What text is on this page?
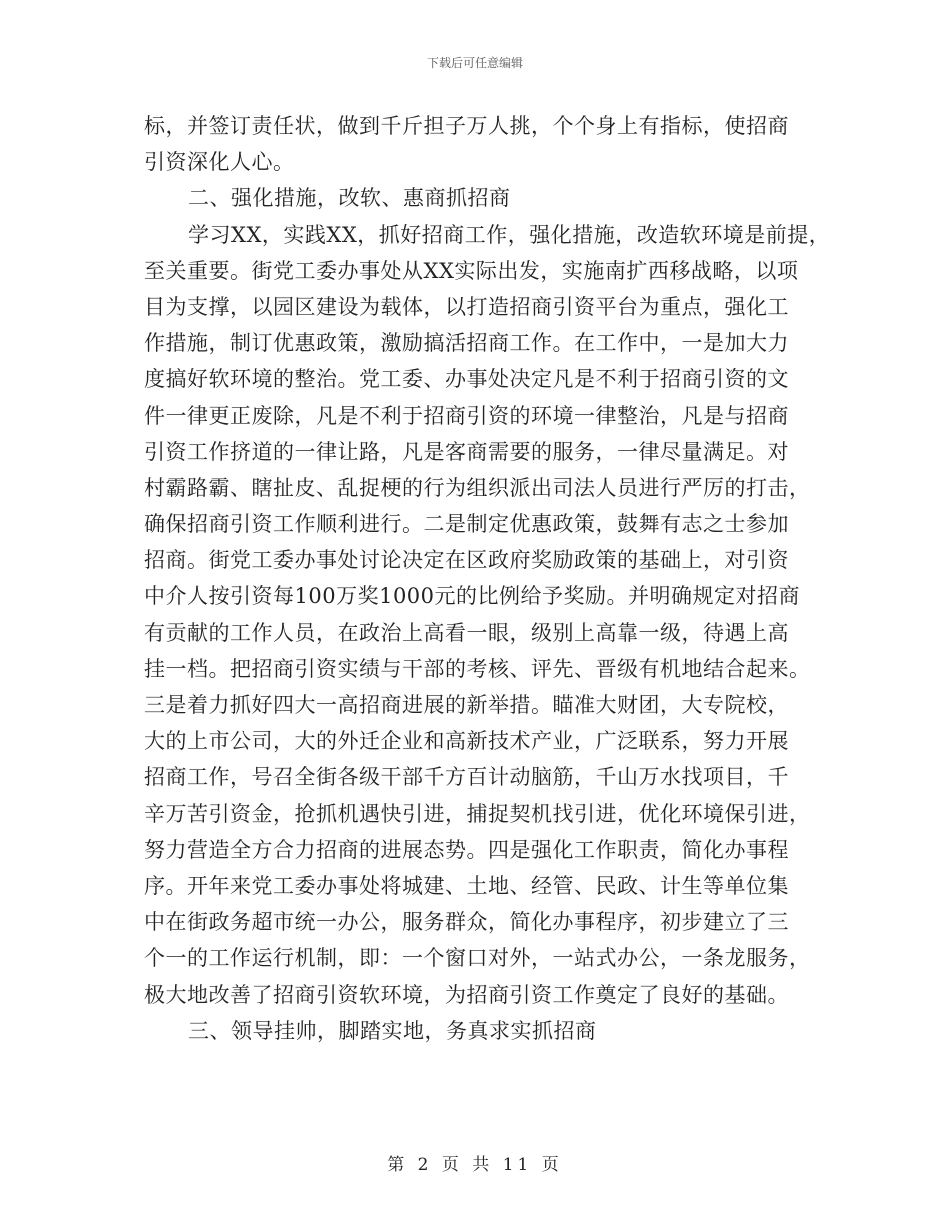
下载后可任意编辑
标，并签订责任状，做到千斤担子万人挑，个个身上有指标，使招商
引资深化人心。
二、强化措施，改软、惠商抓招商
学习XX，实践XX，抓好招商工作，强化措施，改造软环境是前提，
至关重要。街党工委办事处从XX实际出发，实施南扩西移战略，以项
目为支撑，以园区建设为载体，以打造招商引资平台为重点，强化工
作措施，制订优惠政策，激励搞活招商工作。在工作中，一是加大力
度搞好软环境的整治。党工委、办事处决定凡是不利于招商引资的文
件一律更正废除，凡是不利于招商引资的环境一律整治，凡是与招商
引资工作挤道的一律让路，凡是客商需要的服务，一律尽量满足。对
村霸路霸、瞎扯皮、乱捉梗的行为组织派出司法人员进行严厉的打击，
确保招商引资工作顺利进行。二是制定优惠政策，鼓舞有志之士参加
招商。街党工委办事处讨论决定在区政府奖励政策的基础上，对引资
中介人按引资每100万奖1000元的比例给予奖励。并明确规定对招商
有贡献的工作人员，在政治上高看一眼，级别上高靠一级，待遇上高
挂一档。把招商引资实绩与干部的考核、评先、晋级有机地结合起来。
三是着力抓好四大一高招商进展的新举措。瞄准大财团，大专院校，
大的上市公司，大的外迁企业和高新技术产业，广泛联系，努力开展
招商工作，号召全街各级干部千方百计动脑筋，千山万水找项目，千
辛万苦引资金，抢抓机遇快引进，捕捉契机找引进，优化环境保引进，
努力营造全方合力招商的进展态势。四是强化工作职责，简化办事程
序。开年来党工委办事处将城建、土地、经管、民政、计生等单位集
中在街政务超市统一办公，服务群众，简化办事程序，初步建立了三
个一的工作运行机制，即：一个窗口对外，一站式办公，一条龙服务，
极大地改善了招商引资软环境，为招商引资工作奠定了良好的基础。
三、领导挂帅，脚踏实地，务真求实抓招商
第 2 页 共 11 页
